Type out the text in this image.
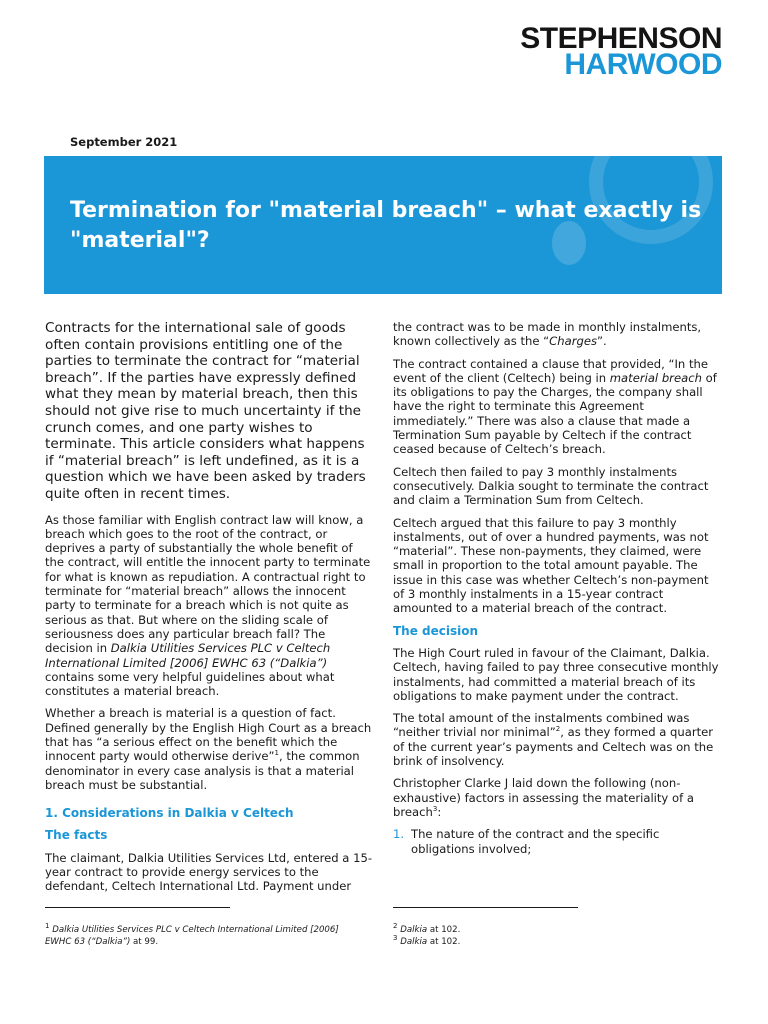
STEPHENSON
HARWOOD
September 2021
Termination for "material breach" – what exactly is "material"?

Contracts for the international sale of goods often contain provisions entitling one of the parties to terminate the contract for “material breach”. If the parties have expressly defined what they mean by material breach, then this should not give rise to much uncertainty if the crunch comes, and one party wishes to terminate. This article considers what happens if “material breach” is left undefined, as it is a question which we have been asked by traders quite often in recent times.

As those familiar with English contract law will know, a breach which goes to the root of the contract, or deprives a party of substantially the whole benefit of the contract, will entitle the innocent party to terminate for what is known as repudiation. A contractual right to terminate for “material breach” allows the innocent party to terminate for a breach which is not quite as serious as that. But where on the sliding scale of seriousness does any particular breach fall? The decision in Dalkia Utilities Services PLC v Celtech International Limited [2006] EWHC 63 (“Dalkia”) contains some very helpful guidelines about what constitutes a material breach.

Whether a breach is material is a question of fact. Defined generally by the English High Court as a breach that has “a serious effect on the benefit which the innocent party would otherwise derive”$^1$, the common denominator in every case analysis is that a material breach must be substantial.

1. Considerations in Dalkia v Celtech

The facts

The claimant, Dalkia Utilities Services Ltd, entered a 15-year contract to provide energy services to the defendant, Celtech International Ltd. Payment under

the contract was to be made in monthly instalments, known collectively as the “Charges”.

The contract contained a clause that provided, “In the event of the client (Celtech) being in material breach of its obligations to pay the Charges, the company shall have the right to terminate this Agreement immediately.” There was also a clause that made a Termination Sum payable by Celtech if the contract ceased because of Celtech’s breach.

Celtech then failed to pay 3 monthly instalments consecutively. Dalkia sought to terminate the contract and claim a Termination Sum from Celtech.

Celtech argued that this failure to pay 3 monthly instalments, out of over a hundred payments, was not “material”. These non-payments, they claimed, were small in proportion to the total amount payable. The issue in this case was whether Celtech’s non-payment of 3 monthly instalments in a 15-year contract amounted to a material breach of the contract.

The decision

The High Court ruled in favour of the Claimant, Dalkia. Celtech, having failed to pay three consecutive monthly instalments, had committed a material breach of its obligations to make payment under the contract.

The total amount of the instalments combined was “neither trivial nor minimal”$^2$, as they formed a quarter of the current year’s payments and Celtech was on the brink of insolvency.

Christopher Clarke J laid down the following (non-exhaustive) factors in assessing the materiality of a breach$^3$:

1. The nature of the contract and the specific obligations involved;
$^1$ Dalkia Utilities Services PLC v Celtech International Limited [2006] EWHC 63 (“Dalkia”) at 99.
$^2$ Dalkia at 102.
$^3$ Dalkia at 102.
